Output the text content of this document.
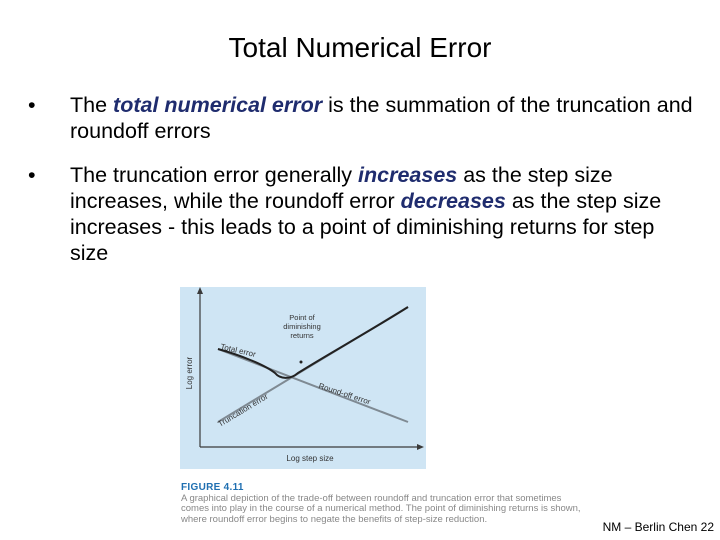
Total Numerical Error
•	The total numerical error is the summation of the truncation and roundoff errors
•	The truncation error generally increases as the step size increases, while the roundoff error decreases as the step size increases - this leads to a point of diminishing returns for step size
Log error
Log step size
Point of
diminishing
returns
Total error
Round-off error
Truncation error
FIGURE 4.11
A graphical depiction of the trade-off between roundoff and truncation error that sometimes comes into play in the course of a numerical method. The point of diminishing returns is shown, where roundoff error begins to negate the benefits of step-size reduction.
NM – Berlin Chen 22
